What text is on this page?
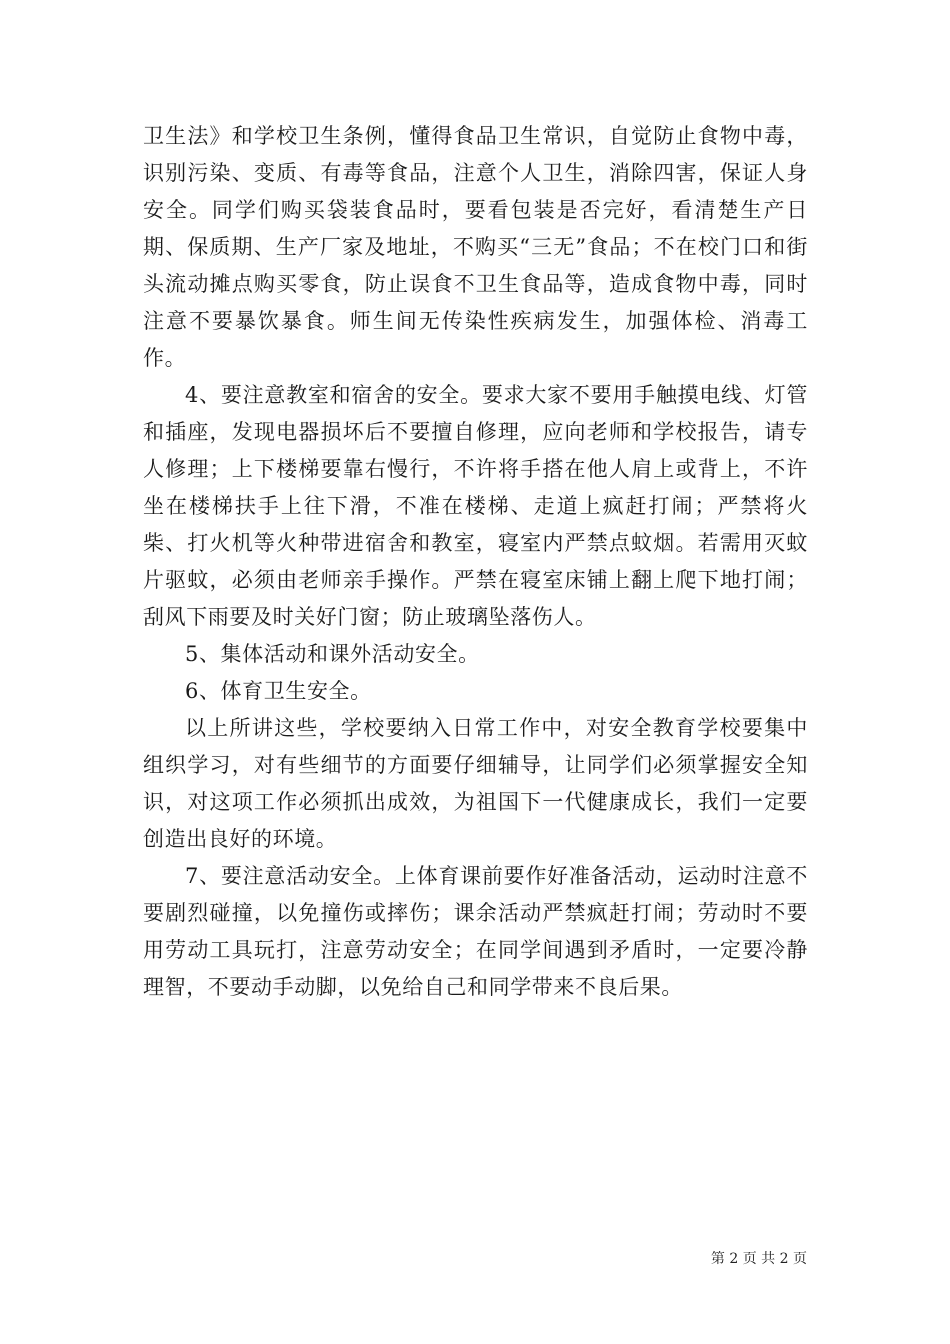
卫生法》和学校卫生条例，懂得食品卫生常识，自觉防止食物中毒，识别污染、变质、有毒等食品，注意个人卫生，消除四害，保证人身安全。同学们购买袋装食品时，要看包装是否完好，看清楚生产日期、保质期、生产厂家及地址，不购买“三无”食品；不在校门口和街头流动摊点购买零食，防止误食不卫生食品等，造成食物中毒，同时注意不要暴饮暴食。师生间无传染性疾病发生，加强体检、消毒工作。

4、要注意教室和宿舍的安全。要求大家不要用手触摸电线、灯管和插座，发现电器损坏后不要擅自修理，应向老师和学校报告，请专人修理；上下楼梯要靠右慢行，不许将手搭在他人肩上或背上，不许坐在楼梯扶手上往下滑，不准在楼梯、走道上疯赶打闹；严禁将火柴、打火机等火种带进宿舍和教室，寝室内严禁点蚊烟。若需用灭蚊片驱蚊，必须由老师亲手操作。严禁在寝室床铺上翻上爬下地打闹；刮风下雨要及时关好门窗；防止玻璃坠落伤人。

5、集体活动和课外活动安全。

6、体育卫生安全。

以上所讲这些，学校要纳入日常工作中，对安全教育学校要集中组织学习，对有些细节的方面要仔细辅导，让同学们必须掌握安全知识，对这项工作必须抓出成效，为祖国下一代健康成长，我们一定要创造出良好的环境。

7、要注意活动安全。上体育课前要作好准备活动，运动时注意不要剧烈碰撞，以免撞伤或摔伤；课余活动严禁疯赶打闹；劳动时不要用劳动工具玩打，注意劳动安全；在同学间遇到矛盾时，一定要冷静理智，不要动手动脚，以免给自己和同学带来不良后果。

第 2 页 共 2 页
